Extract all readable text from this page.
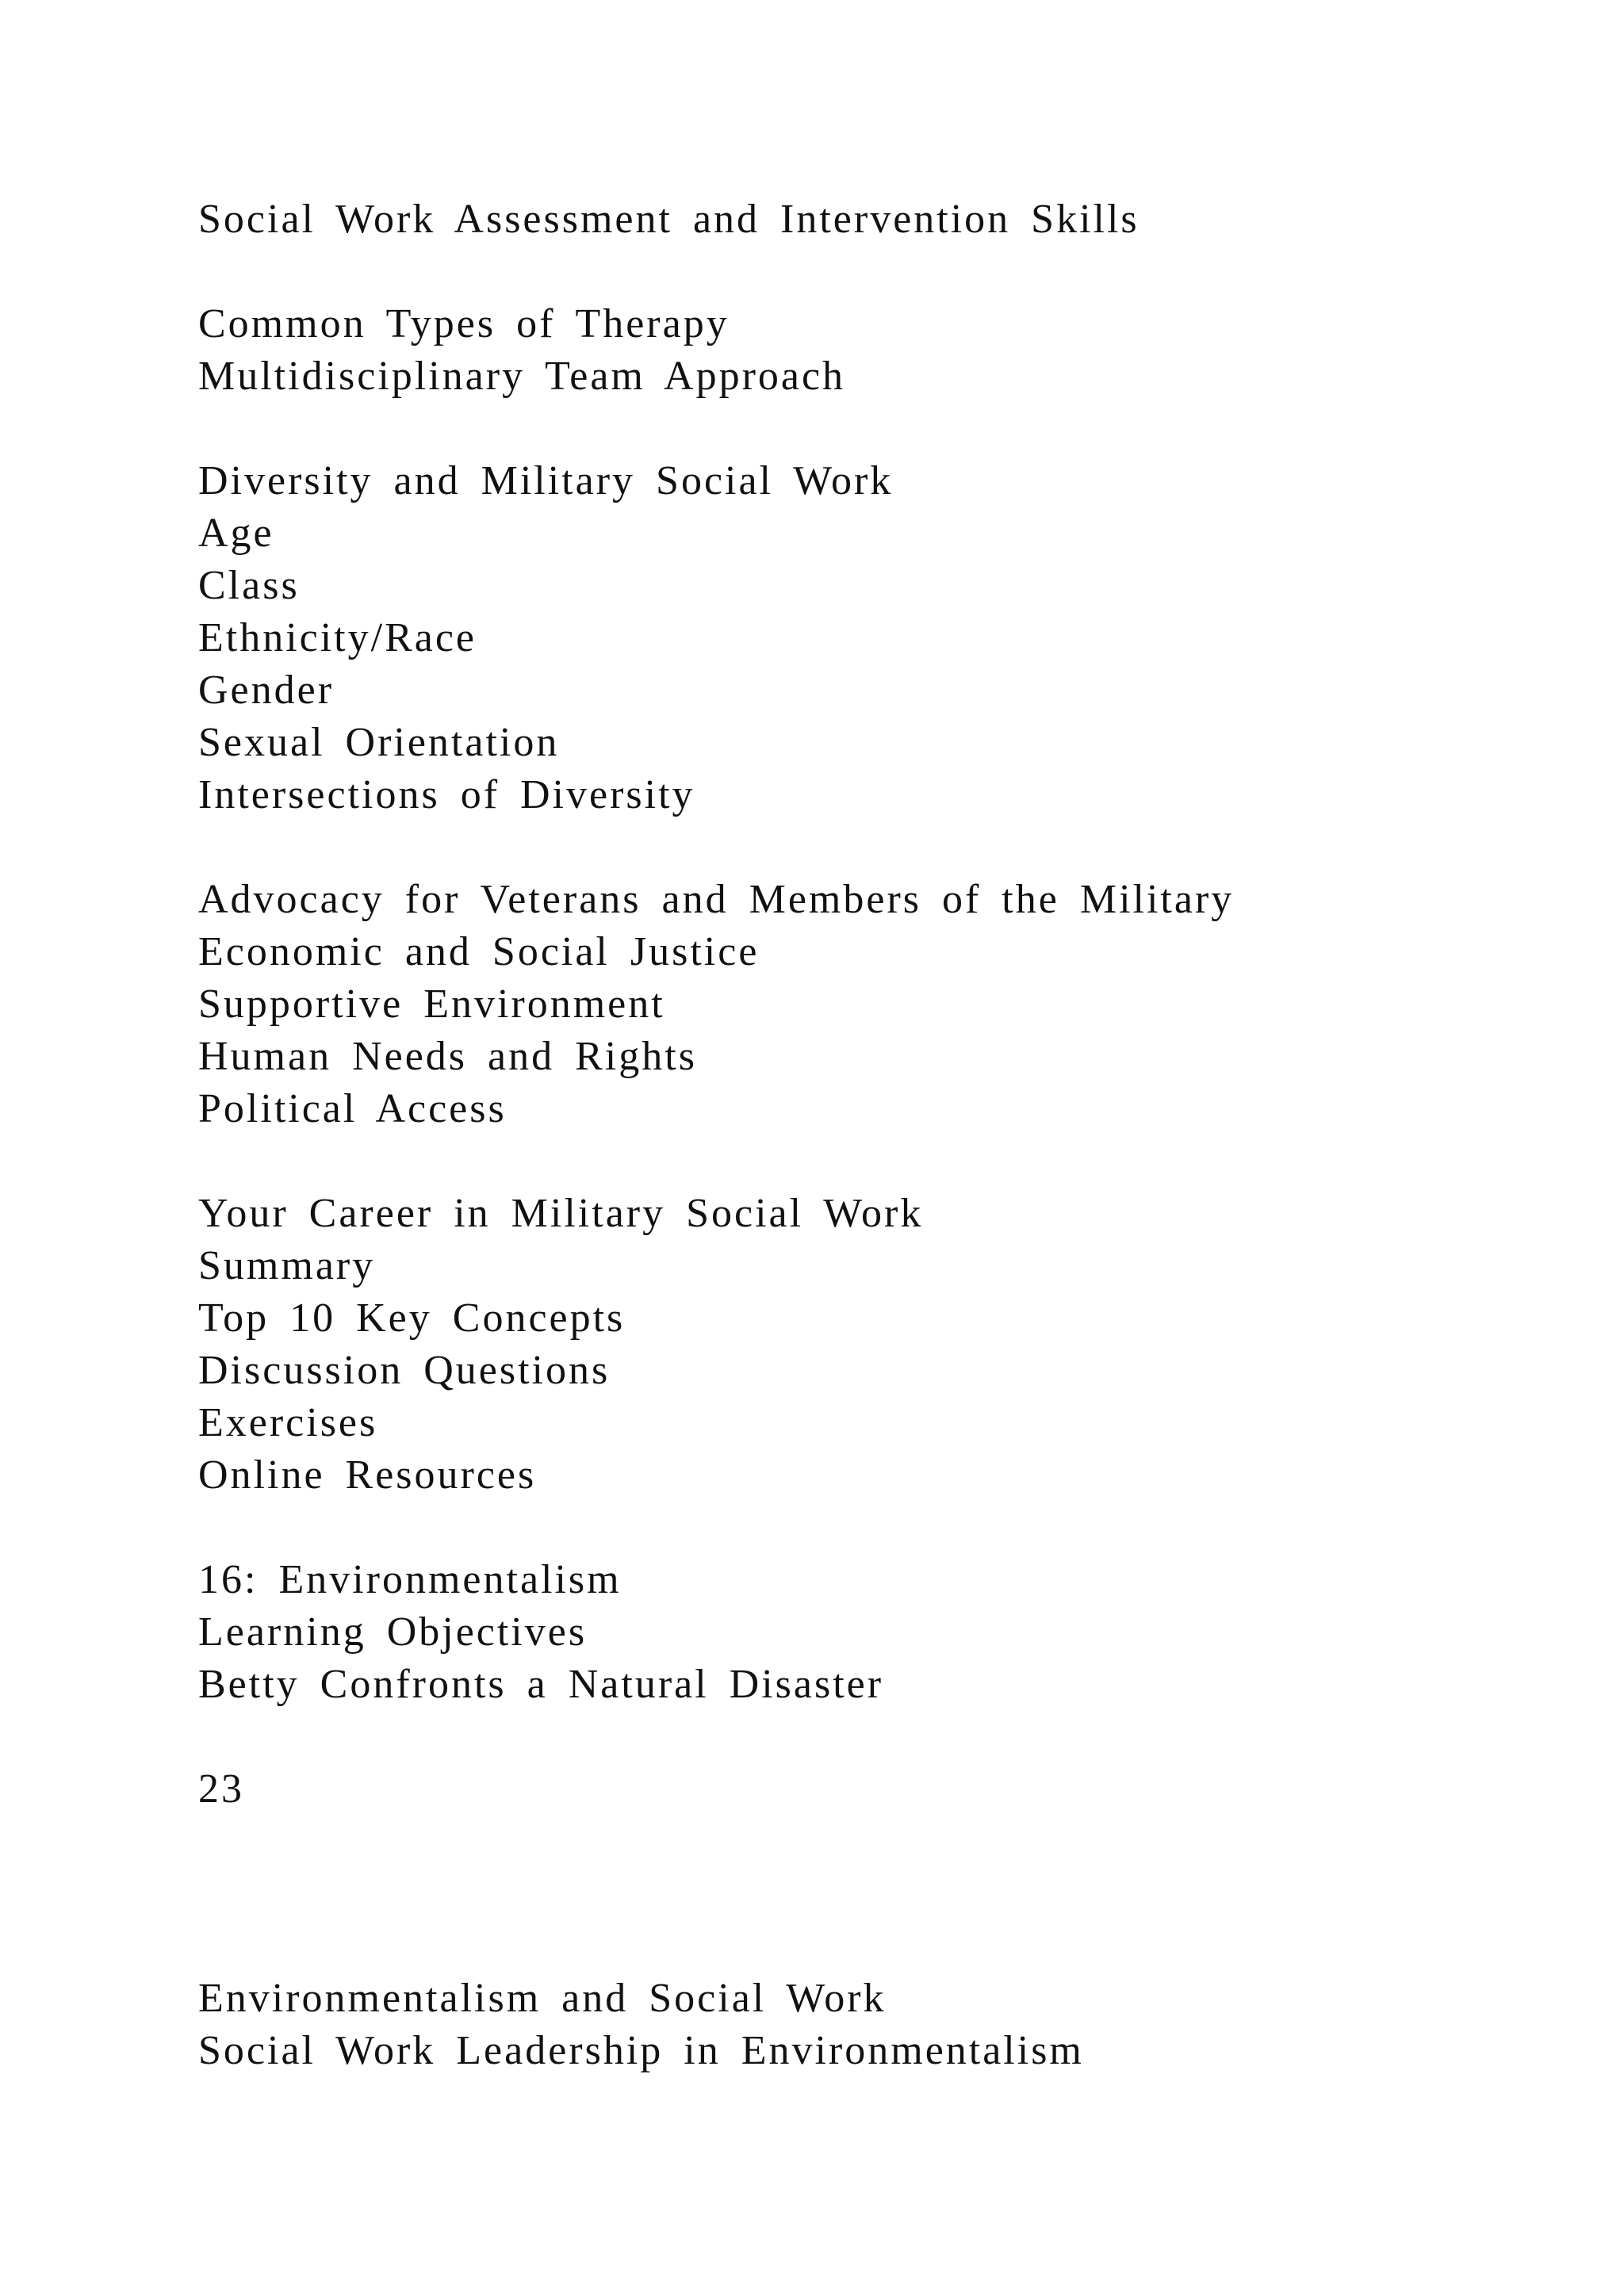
Social Work Assessment and Intervention Skills

Common Types of Therapy

Multidisciplinary Team Approach

Diversity and Military Social Work

Age

Class

Ethnicity/Race

Gender

Sexual Orientation

Intersections of Diversity

Advocacy for Veterans and Members of the Military

Economic and Social Justice

Supportive Environment

Human Needs and Rights

Political Access

Your Career in Military Social Work

Summary

Top 10 Key Concepts

Discussion Questions

Exercises

Online Resources

16: Environmentalism

Learning Objectives

Betty Confronts a Natural Disaster

23

Environmentalism and Social Work

Social Work Leadership in Environmentalism
